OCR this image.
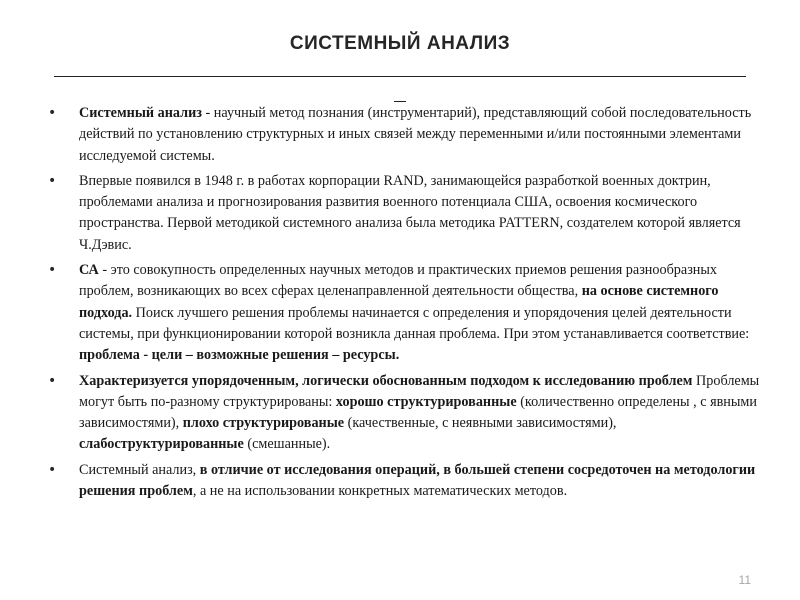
СИСТЕМНЫЙ АНАЛИЗ
• Системный анализ - научный метод познания (инструментарий), представляющий собой последовательность действий по установлению структурных и иных связей между переменными и/или постоянными элементами исследуемой системы.
• Впервые появился в 1948 г. в работах корпорации RAND, занимающейся разработкой военных доктрин, проблемами анализа и прогнозирования развития военного потенциала США, освоения космического пространства. Первой методикой системного анализа была методика PATTERN, создателем которой является Ч.Дэвис.
• СА - это совокупность определенных научных методов и практических приемов решения разнообразных проблем, возникающих во всех сферах целенаправленной деятельности общества, на основе системного подхода. Поиск лучшего решения проблемы начинается с определения и упорядочения целей деятельности системы, при функционировании которой возникла данная проблема. При этом устанавливается соответствие: проблема - цели – возможные решения – ресурсы.
• Характеризуется упорядоченным, логически обоснованным подходом к исследованию проблем Проблемы могут быть по-разному структурированы: хорошо структурированные (количественно определены , с явными зависимостями), плохо структурированые (качественные, с неявными зависимостями), слабоструктурированные (смешанные).
• Системный анализ, в отличие от исследования операций, в большей степени сосредоточен на методологии решения проблем, а не на использовании конкретных математических методов.
11
